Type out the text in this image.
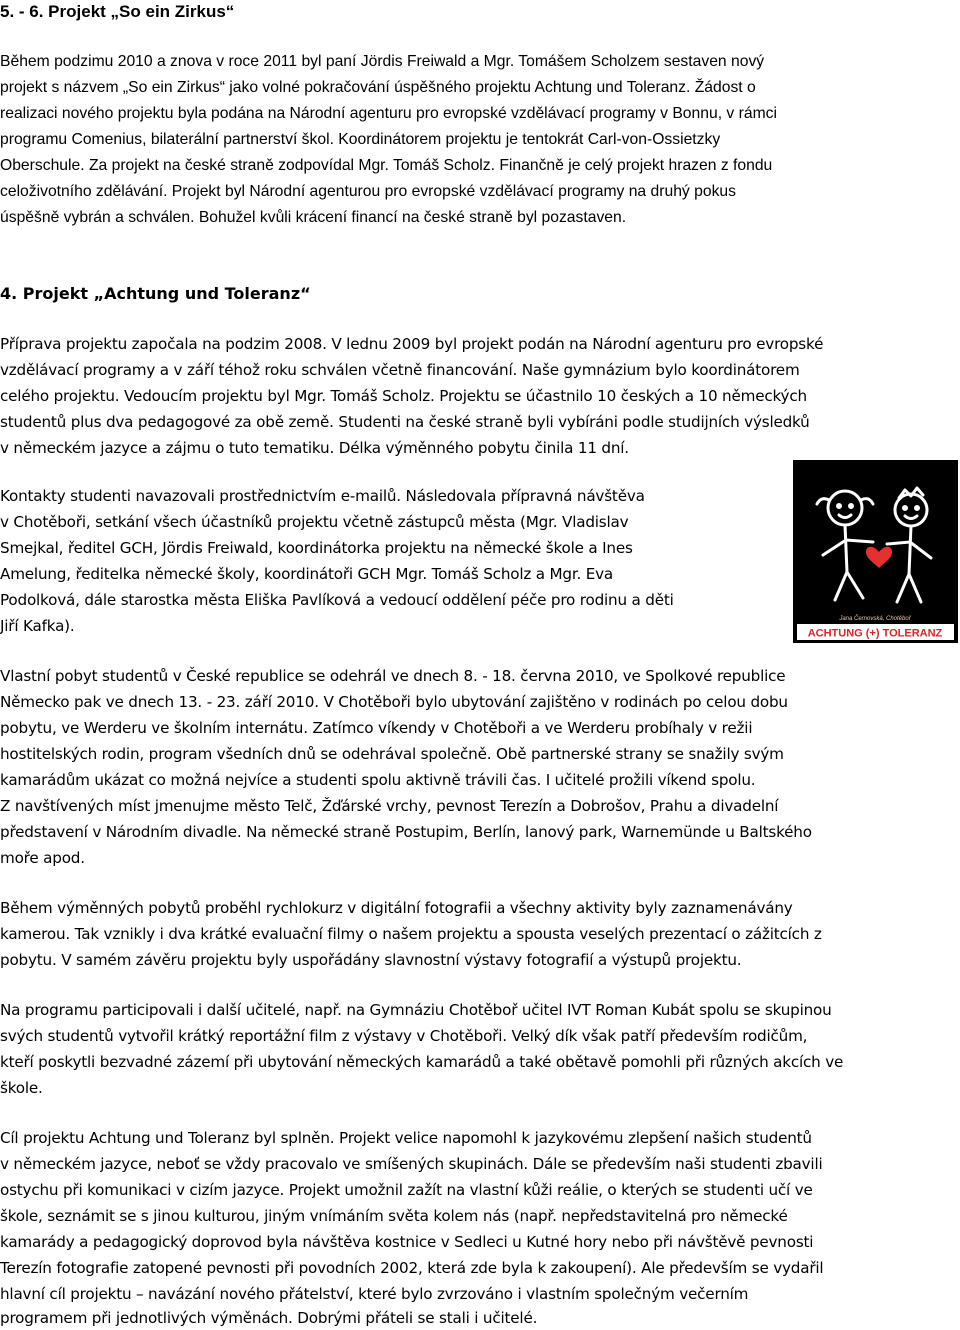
5. - 6. Projekt „So ein Zirkus“

Během podzimu 2010 a znova v roce 2011 byl paní Jördis Freiwald a Mgr. Tomášem Scholzem sestaven nový

projekt s názvem „So ein Zirkus“ jako volné pokračování úspěšného projektu Achtung und Toleranz. Žádost o

realizaci nového projektu byla podána na Národní agenturu pro evropské vzdělávací programy v Bonnu, v rámci

programu Comenius, bilaterální partnerství škol. Koordinátorem projektu je tentokrát Carl-von-Ossietzky

Oberschule. Za projekt na české straně zodpovídal Mgr. Tomáš Scholz. Finančně je celý projekt hrazen z fondu

celoživotního zdělávání. Projekt byl Národní agenturou pro evropské vzdělávací programy na druhý pokus

úspěšně vybrán a schválen. Bohužel kvůli krácení financí na české straně byl pozastaven.

4. Projekt „Achtung und Toleranz“

Příprava projektu započala na podzim 2008. V lednu 2009 byl projekt podán na Národní agenturu pro evropské

vzdělávací programy a v září téhož roku schválen včetně financování. Naše gymnázium bylo koordinátorem

celého projektu. Vedoucím projektu byl Mgr. Tomáš Scholz. Projektu se účastnilo 10 českých a 10 německých

studentů plus dva pedagogové za obě země. Studenti na české straně byli vybíráni podle studijních výsledků

v německém jazyce a zájmu o tuto tematiku. Délka výměnného pobytu činila 11 dní.

Kontakty studenti navazovali prostřednictvím e-mailů. Následovala přípravná návštěva

v Chotěboři, setkání všech účastníků projektu včetně zástupců města (Mgr. Vladislav

Smejkal, ředitel GCH, Jördis Freiwald, koordinátorka projektu na německé škole a Ines

Amelung, ředitelka německé školy, koordinátoři GCH Mgr. Tomáš Scholz a Mgr. Eva

Podolková, dále starostka města Eliška Pavlíková a vedoucí oddělení péče pro rodinu a děti

Jiří Kafka).

Vlastní pobyt studentů v České republice se odehrál ve dnech 8. - 18. června 2010, ve Spolkové republice

Německo pak ve dnech 13. - 23. září 2010. V Chotěboři bylo ubytování zajištěno v rodinách po celou dobu

pobytu, ve Werderu ve školním internátu. Zatímco víkendy v Chotěboři a ve Werderu probíhaly v režii

hostitelských rodin, program všedních dnů se odehrával společně. Obě partnerské strany se snažily svým

kamarádům ukázat co možná nejvíce a studenti spolu aktivně trávili čas. I učitelé prožili víkend spolu.

Z navštívených míst jmenujme město Telč, Žďárské vrchy, pevnost Terezín a Dobrošov, Prahu a divadelní

představení v Národním divadle. Na německé straně Postupim, Berlín, lanový park, Warnemünde u Baltského

moře apod.

Během výměnných pobytů proběhl rychlokurz v digitální fotografii a všechny aktivity byly zaznamenávány

kamerou. Tak vznikly i dva krátké evaluační filmy o našem projektu a spousta veselých prezentací o zážitcích z

pobytu. V samém závěru projektu byly uspořádány slavnostní výstavy fotografií a výstupů projektu.

Na programu participovali i další učitelé, např. na Gymnáziu Chotěboř učitel IVT Roman Kubát spolu se skupinou

svých studentů vytvořil krátký reportážní film z výstavy v Chotěboři. Velký dík však patří především rodičům,

kteří poskytli bezvadné zázemí při ubytování německých kamarádů a také obětavě pomohli při různých akcích ve

škole.

Cíl projektu Achtung und Toleranz byl splněn. Projekt velice napomohl k jazykovému zlepšení našich studentů

v německém jazyce, neboť se vždy pracovalo ve smíšených skupinách. Dále se především naši studenti zbavili

ostychu při komunikaci v cizím jazyce. Projekt umožnil zažít na vlastní kůži reálie, o kterých se studenti učí ve

škole, seznámit se s jinou kulturou, jiným vnímáním světa kolem nás (např. nepředstavitelná pro německé

kamarády a pedagogický doprovod byla návštěva kostnice v Sedleci u Kutné hory nebo při návštěvě pevnosti

Terezín fotografie zatopené pevnosti při povodních 2002, která zde byla k zakoupení). Ale především se vydařil

hlavní cíl projektu – navázání nového přátelství, které bylo zvrzováno i vlastním společným večerním

programem při jednotlivých výměnách. Dobrými přáteli se stali i učitelé.

Jana Černovská, Chotěboř
ACHTUNG (+) TOLERANZ
